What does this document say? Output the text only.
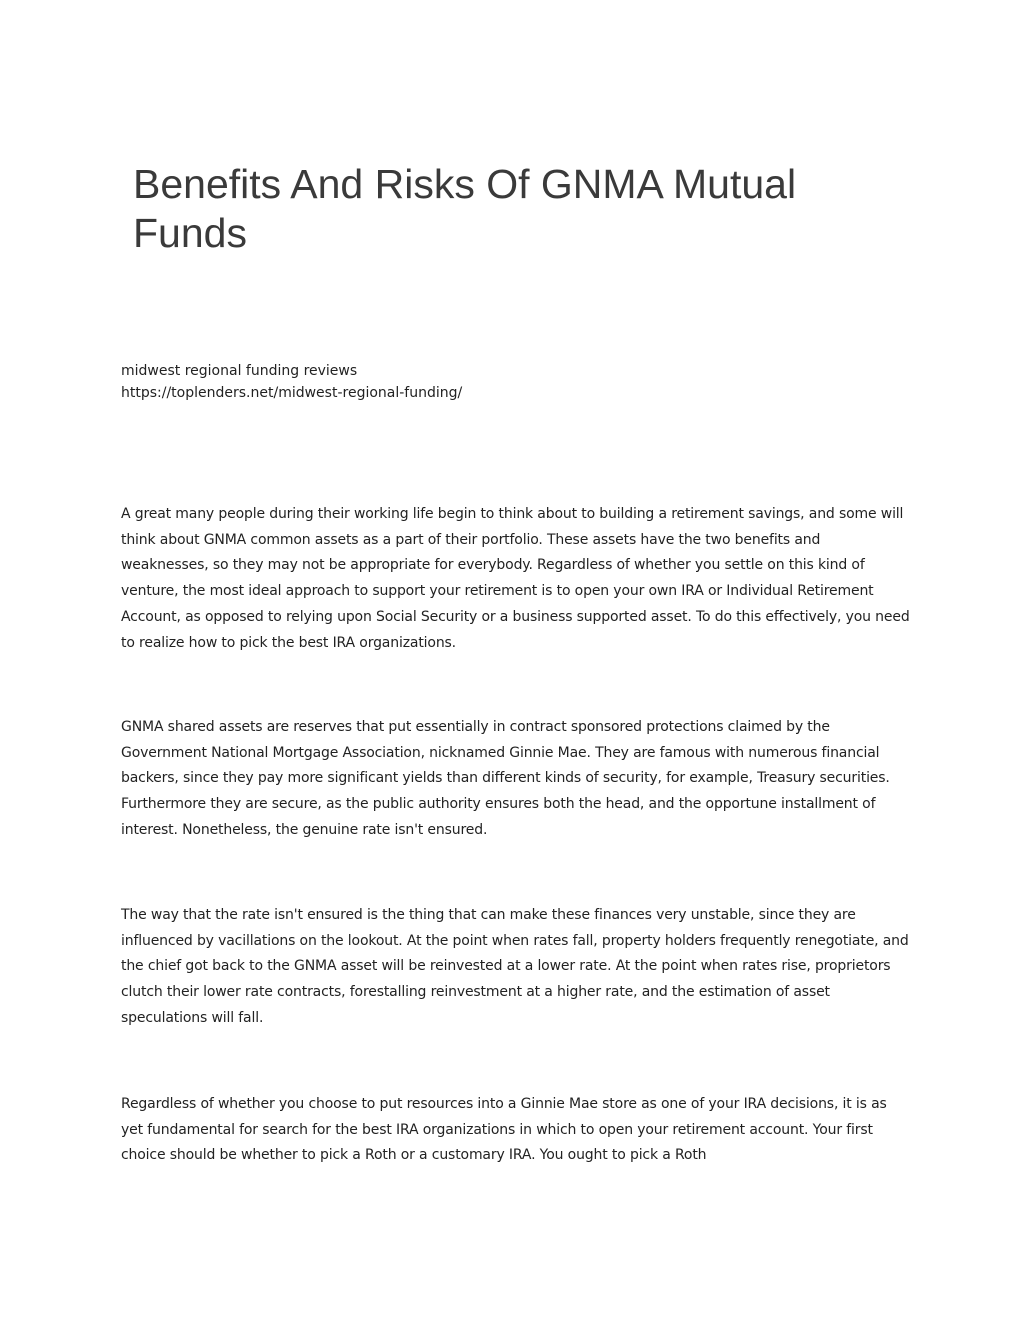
Benefits And Risks Of GNMA Mutual Funds
midwest regional funding reviews
https://toplenders.net/midwest-regional-funding/

A great many people during their working life begin to think about to building a retirement savings, and some will think about GNMA common assets as a part of their portfolio. These assets have the two benefits and weaknesses, so they may not be appropriate for everybody. Regardless of whether you settle on this kind of venture, the most ideal approach to support your retirement is to open your own IRA or Individual Retirement Account, as opposed to relying upon Social Security or a business supported asset. To do this effectively, you need to realize how to pick the best IRA organizations.

GNMA shared assets are reserves that put essentially in contract sponsored protections claimed by the Government National Mortgage Association, nicknamed Ginnie Mae. They are famous with numerous financial backers, since they pay more significant yields than different kinds of security, for example, Treasury securities. Furthermore they are secure, as the public authority ensures both the head, and the opportune installment of interest. Nonetheless, the genuine rate isn't ensured.

The way that the rate isn't ensured is the thing that can make these finances very unstable, since they are influenced by vacillations on the lookout. At the point when rates fall, property holders frequently renegotiate, and the chief got back to the GNMA asset will be reinvested at a lower rate. At the point when rates rise, proprietors clutch their lower rate contracts, forestalling reinvestment at a higher rate, and the estimation of asset speculations will fall.

Regardless of whether you choose to put resources into a Ginnie Mae store as one of your IRA decisions, it is as yet fundamental for search for the best IRA organizations in which to open your retirement account. Your first choice should be whether to pick a Roth or a customary IRA. You ought to pick a Roth
